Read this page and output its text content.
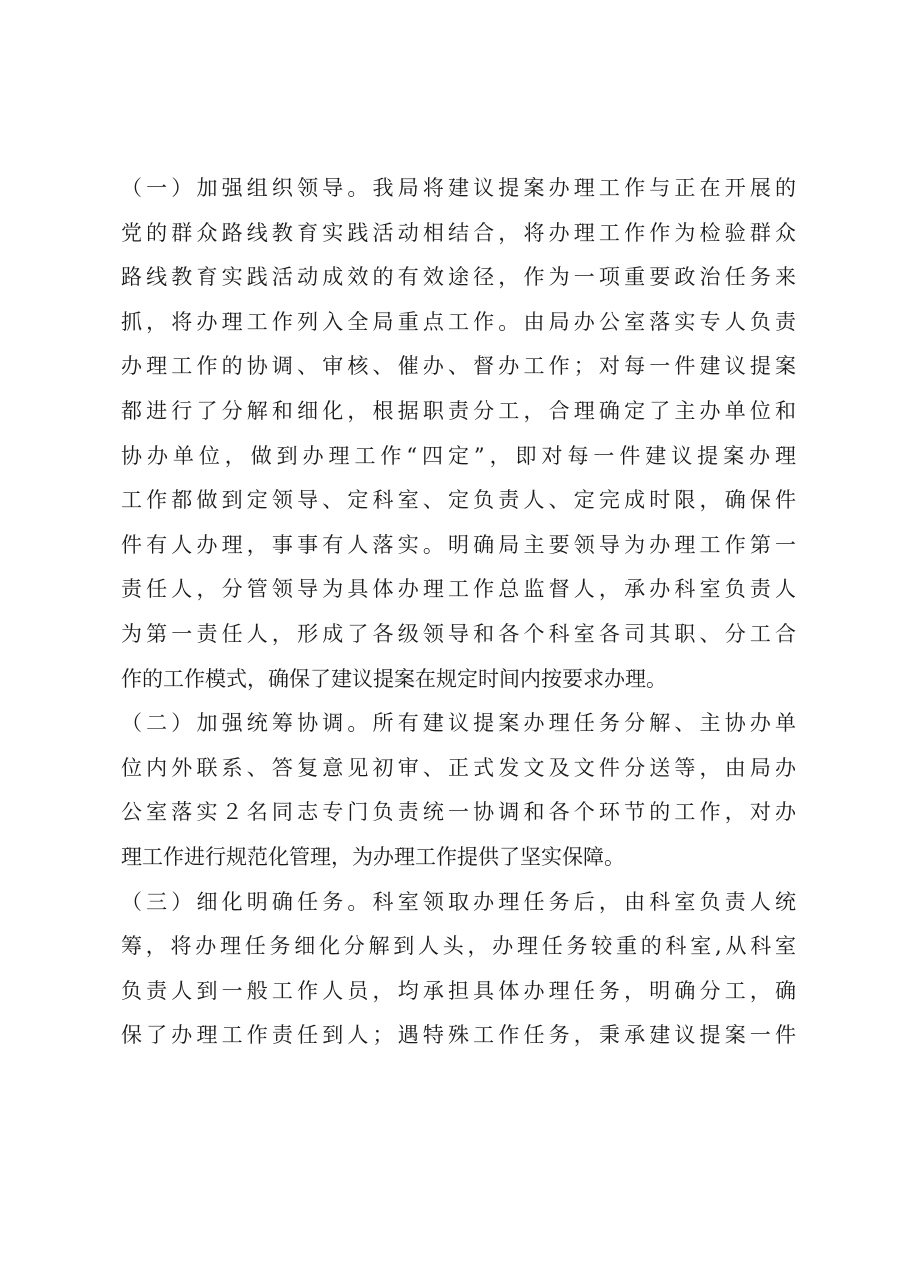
（一）加强组织领导。我局将建议提案办理工作与正在开展的
党的群众路线教育实践活动相结合，将办理工作作为检验群众
路线教育实践活动成效的有效途径，作为一项重要政治任务来
抓，将办理工作列入全局重点工作。由局办公室落实专人负责
办理工作的协调、审核、催办、督办工作；对每一件建议提案
都进行了分解和细化，根据职责分工，合理确定了主办单位和
协办单位，做到办理工作“四定”，即对每一件建议提案办理
工作都做到定领导、定科室、定负责人、定完成时限，确保件
件有人办理，事事有人落实。明确局主要领导为办理工作第一
责任人，分管领导为具体办理工作总监督人，承办科室负责人
为第一责任人，形成了各级领导和各个科室各司其职、分工合
作的工作模式，确保了建议提案在规定时间内按要求办理。
（二）加强统筹协调。所有建议提案办理任务分解、主协办单
位内外联系、答复意见初审、正式发文及文件分送等，由局办
公室落实２名同志专门负责统一协调和各个环节的工作，对办
理工作进行规范化管理，为办理工作提供了坚实保障。
（三）细化明确任务。科室领取办理任务后，由科室负责人统
筹，将办理任务细化分解到人头，办理任务较重的科室,从科室
负责人到一般工作人员，均承担具体办理任务，明确分工，确
保了办理工作责任到人；遇特殊工作任务，秉承建议提案一件
